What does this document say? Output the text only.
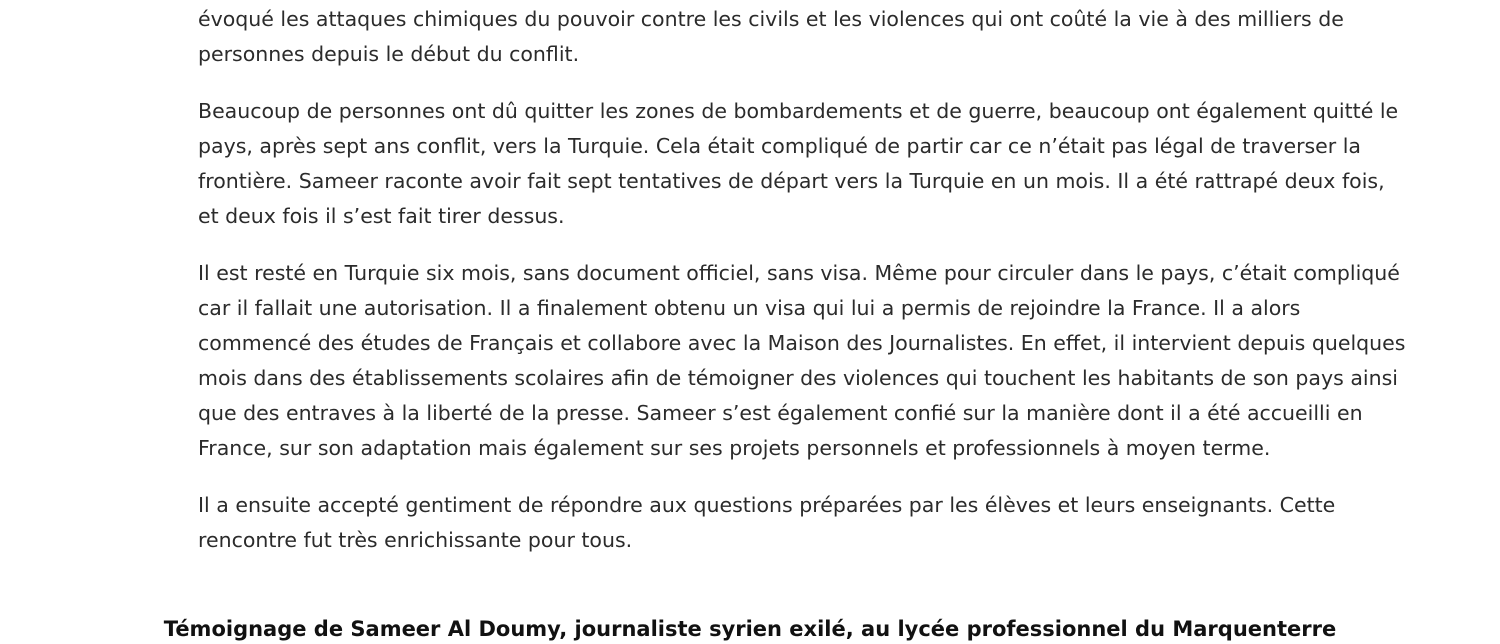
évoqué les attaques chimiques du pouvoir contre les civils et les violences qui ont coûté la vie à des milliers de personnes depuis le début du conflit.

Beaucoup de personnes ont dû quitter les zones de bombardements et de guerre, beaucoup ont également quitté le pays, après sept ans conflit, vers la Turquie. Cela était compliqué de partir car ce n’était pas légal de traverser la frontière. Sameer raconte avoir fait sept tentatives de départ vers la Turquie en un mois. Il a été rattrapé deux fois, et deux fois il s’est fait tirer dessus.

Il est resté en Turquie six mois, sans document officiel, sans visa. Même pour circuler dans le pays, c’était compliqué car il fallait une autorisation. Il a finalement obtenu un visa qui lui a permis de rejoindre la France. Il a alors commencé des études de Français et collabore avec la Maison des Journalistes. En effet, il intervient depuis quelques mois dans des établissements scolaires afin de témoigner des violences qui touchent les habitants de son pays ainsi que des entraves à la liberté de la presse. Sameer s’est également confié sur la manière dont il a été accueilli en France, sur son adaptation mais également sur ses projets personnels et professionnels à moyen terme.

Il a ensuite accepté gentiment de répondre aux questions préparées par les élèves et leurs enseignants. Cette rencontre fut très enrichissante pour tous.

Témoignage de Sameer Al Doumy, journaliste syrien exilé, au lycée professionnel du Marquenterre
